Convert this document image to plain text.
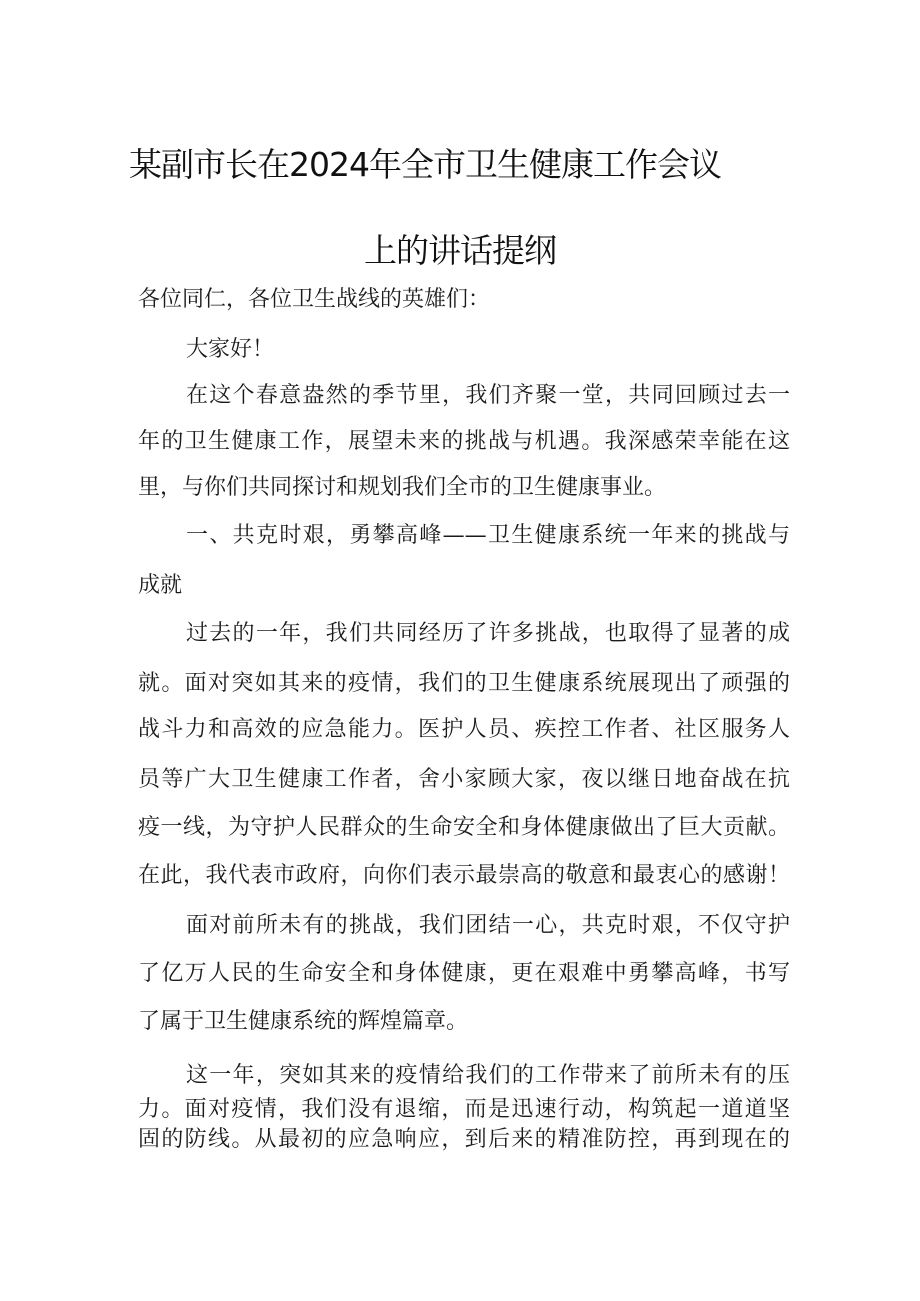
某副市长在2024年全市卫生健康工作会议
上的讲话提纲
各位同仁，各位卫生战线的英雄们：
大家好！
在这个春意盎然的季节里，我们齐聚一堂，共同回顾过去一
年的卫生健康工作，展望未来的挑战与机遇。我深感荣幸能在这
里，与你们共同探讨和规划我们全市的卫生健康事业。
一、共克时艰，勇攀高峰——卫生健康系统一年来的挑战与
成就
过去的一年，我们共同经历了许多挑战，也取得了显著的成
就。面对突如其来的疫情，我们的卫生健康系统展现出了顽强的
战斗力和高效的应急能力。医护人员、疾控工作者、社区服务人
员等广大卫生健康工作者，舍小家顾大家，夜以继日地奋战在抗
疫一线，为守护人民群众的生命安全和身体健康做出了巨大贡献。
在此，我代表市政府，向你们表示最崇高的敬意和最衷心的感谢！
面对前所未有的挑战，我们团结一心，共克时艰，不仅守护
了亿万人民的生命安全和身体健康，更在艰难中勇攀高峰，书写
了属于卫生健康系统的辉煌篇章。
这一年，突如其来的疫情给我们的工作带来了前所未有的压
力。面对疫情，我们没有退缩，而是迅速行动，构筑起一道道坚
固的防线。从最初的应急响应，到后来的精准防控，再到现在的
